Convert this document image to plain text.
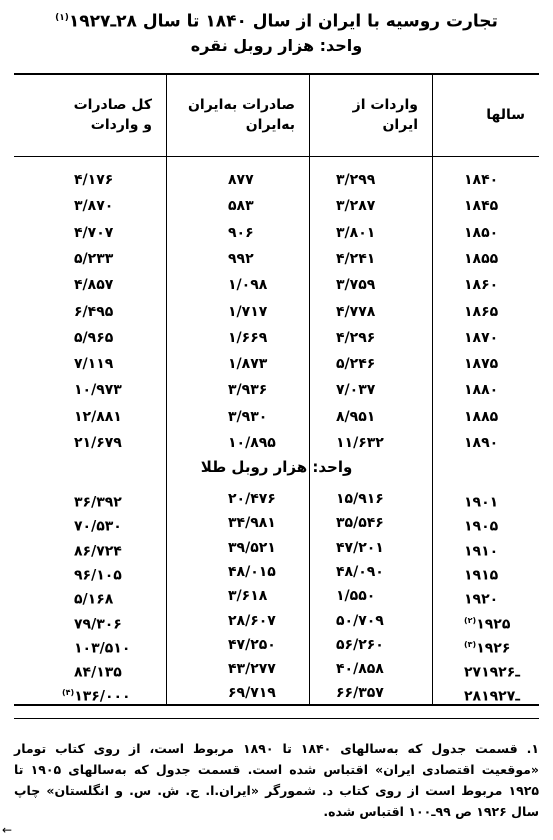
تجارت روسیه با ایران از سال ۱۸۴۰ تا سال ۲۸ـ۱۹۲۷$^{(۱)}$
واحد: هزار روبل نقره
سالها
واردات از
ایران
صادرات به‌ایران
به‌ایران
کل صادرات
و واردات
۱۸۴۰
۳/۲۹۹
۸۷۷
۴/۱۷۶
۱۸۴۵
۳/۲۸۷
۵۸۳
۳/۸۷۰
۱۸۵۰
۳/۸۰۱
۹۰۶
۴/۷۰۷
۱۸۵۵
۴/۲۴۱
۹۹۲
۵/۲۳۳
۱۸۶۰
۳/۷۵۹
۱/۰۹۸
۴/۸۵۷
۱۸۶۵
۴/۷۷۸
۱/۷۱۷
۶/۴۹۵
۱۸۷۰
۴/۲۹۶
۱/۶۶۹
۵/۹۶۵
۱۸۷۵
۵/۲۴۶
۱/۸۷۳
۷/۱۱۹
۱۸۸۰
۷/۰۳۷
۳/۹۳۶
۱۰/۹۷۳
۱۸۸۵
۸/۹۵۱
۳/۹۳۰
۱۲/۸۸۱
۱۸۹۰
۱۱/۶۳۲
۱۰/۸۹۵
۲۱/۶۷۹
واحد: هزار روبل طلا
۱۹۰۱
۱۵/۹۱۶
۲۰/۴۷۶
۳۶/۳۹۲
۱۹۰۵
۳۵/۵۴۶
۳۴/۹۸۱
۷۰/۵۳۰
۱۹۱۰
۴۷/۲۰۱
۳۹/۵۲۱
۸۶/۷۲۴
۱۹۱۵
۴۸/۰۹۰
۴۸/۰۱۵
۹۶/۱۰۵
۱۹۲۰
۱/۵۵۰
۳/۶۱۸
۵/۱۶۸
$^{(۲)}$۱۹۲۵
۵۰/۷۰۹
۲۸/۶۰۷
۷۹/۳۰۶
$^{(۳)}$۱۹۲۶
۵۶/۲۶۰
۴۷/۲۵۰
۱۰۳/۵۱۰
۲۷ـ۱۹۲۶
۴۰/۸۵۸
۴۳/۲۷۷
۸۴/۱۳۵
۲۸ـ۱۹۲۷
۶۶/۳۵۷
۶۹/۷۱۹
$^{(۴)}$۱۳۶/۰۰۰
۱. قسمت جدول که به‌سالهای ۱۸۴۰ تا ۱۸۹۰ مربوط است، از روی کتاب تومار «موقعیت اقتصادی ایران» اقتباس شده است. قسمت جدول که به‌سالهای ۱۹۰۵ تا ۱۹۲۵ مربوط است از روی کتاب د. شمورگر «ایران.ا. ج. ش. س. و انگلستان» چاپ سال ۱۹۲۶ ص ۹۹ـ۱۰۰ اقتباس شده.
←
